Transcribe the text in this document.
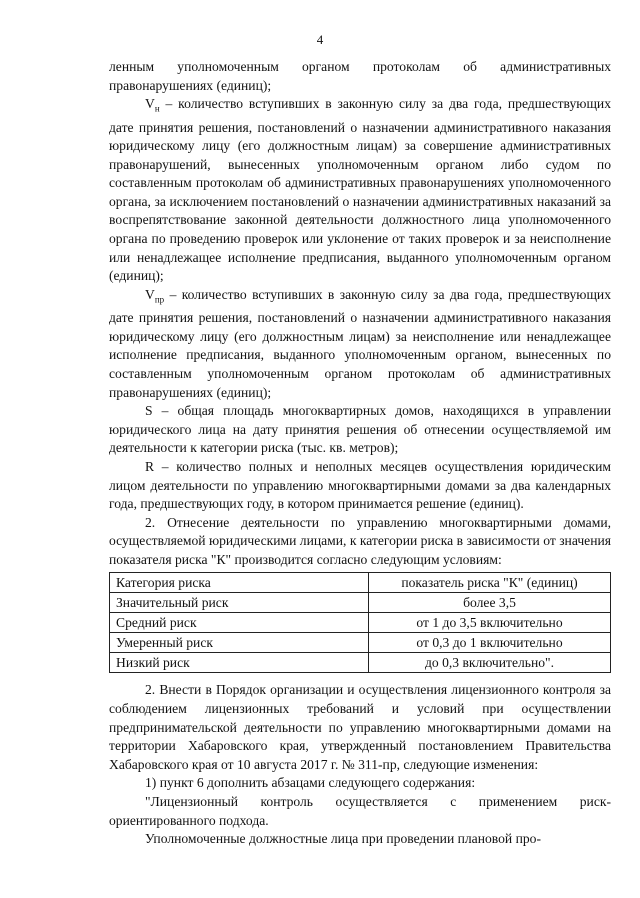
4

ленным уполномоченным органом протоколам об административных правонарушениях (единиц);

$V_н$ – количество вступивших в законную силу за два года, предшествующих дате принятия решения, постановлений о назначении административного наказания юридическому лицу (его должностным лицам) за совершение административных правонарушений, вынесенных уполномоченным органом либо судом по составленным протоколам об административных правонарушениях уполномоченного органа, за исключением постановлений о назначении административных наказаний за воспрепятствование законной деятельности должностного лица уполномоченного органа по проведению проверок или уклонение от таких проверок и за неисполнение или ненадлежащее исполнение предписания, выданного уполномоченным органом (единиц);

$V_{пр}$ – количество вступивших в законную силу за два года, предшествующих дате принятия решения, постановлений о назначении административного наказания юридическому лицу (его должностным лицам) за неисполнение или ненадлежащее исполнение предписания, выданного уполномоченным органом, вынесенных по составленным уполномоченным органом протоколам об административных правонарушениях (единиц);

S – общая площадь многоквартирных домов, находящихся в управлении юридического лица на дату принятия решения об отнесении осуществляемой им деятельности к категории риска (тыс. кв. метров);

R – количество полных и неполных месяцев осуществления юридическим лицом деятельности по управлению многоквартирными домами за два календарных года, предшествующих году, в котором принимается решение (единиц).

2. Отнесение деятельности по управлению многоквартирными домами, осуществляемой юридическими лицами, к категории риска в зависимости от значения показателя риска "К" производится согласно следующим условиям:

Категория риска	показатель риска "К" (единиц)
Значительный риск	более 3,5
Средний риск	от 1 до 3,5 включительно
Умеренный риск	от 0,3 до 1 включительно
Низкий риск	до 0,3 включительно".

2. Внести в Порядок организации и осуществления лицензионного контроля за соблюдением лицензионных требований и условий при осуществлении предпринимательской деятельности по управлению многоквартирными домами на территории Хабаровского края, утвержденный постановлением Правительства Хабаровского края от 10 августа 2017 г. № 311-пр, следующие изменения:

1) пункт 6 дополнить абзацами следующего содержания:

"Лицензионный контроль осуществляется с применением риск-ориентированного подхода.

Уполномоченные должностные лица при проведении плановой про-
